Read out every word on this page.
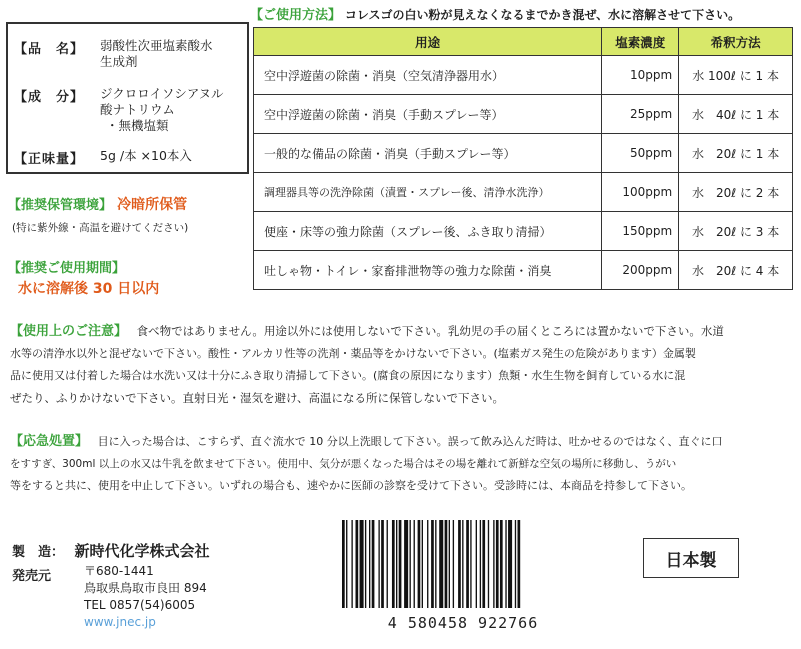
【ご使用方法】 コレスゴの白い粉が見えなくなるまでかき混ぜ、水に溶解させて下さい。
【品　名】 弱酸性次亜塩素酸水
生成剤
【成　分】 ジクロロイソシアヌル
酸ナトリウム
・無機塩類
【正味量】 5g /本 ×10本入
【推奨保管環境】 冷暗所保管
(特に紫外線・高温を避けてください)
【推奨ご使用期間】
水に溶解後 30 日以内
用途	塩素濃度	希釈方法
空中浮遊菌の除菌・消臭（空気清浄器用水）	10ppm	水 100ℓ に 1 本
空中浮遊菌の除菌・消臭（手動スプレー等）	25ppm	水　40ℓ に 1 本
一般的な備品の除菌・消臭（手動スプレー等）	50ppm	水　20ℓ に 1 本
調理器具等の洗浄除菌（漬置・スプレー後、清浄水洗浄）	100ppm	水　20ℓ に 2 本
便座・床等の強力除菌（スプレー後、ふき取り清掃）	150ppm	水　20ℓ に 3 本
吐しゃ物・トイレ・家畜排泄物等の強力な除菌・消臭	200ppm	水　20ℓ に 4 本
【使用上のご注意】 食べ物ではありません。用途以外には使用しないで下さい。乳幼児の手の届くところには置かないで下さい。水道
水等の清浄水以外と混ぜないで下さい。酸性・アルカリ性等の洗剤・薬品等をかけないで下さい。(塩素ガス発生の危険があります）金属製
品に使用又は付着した場合は水洗い又は十分にふき取り清掃して下さい。(腐食の原因になります）魚類・水生生物を飼育している水に混
ぜたり、ふりかけないで下さい。直射日光・湿気を避け、高温になる所に保管しないで下さい。
【応急処置】 目に入った場合は、こすらず、直ぐ流水で 10 分以上洗眼して下さい。誤って飲み込んだ時は、吐かせるのではなく、直ぐに口
をすすぎ、300ml 以上の水又は牛乳を飲ませて下さい。使用中、気分が悪くなった場合はその場を離れて新鮮な空気の場所に移動し、うがい
等をすると共に、使用を中止して下さい。いずれの場合も、速やかに医師の診察を受けて下さい。受診時には、本商品を持参して下さい。
製　造： 新時代化学株式会社
発売元	〒680-1441
鳥取県鳥取市良田 894
TEL 0857(54)6005
www.jnec.jp	4 580458 922766
日本製
